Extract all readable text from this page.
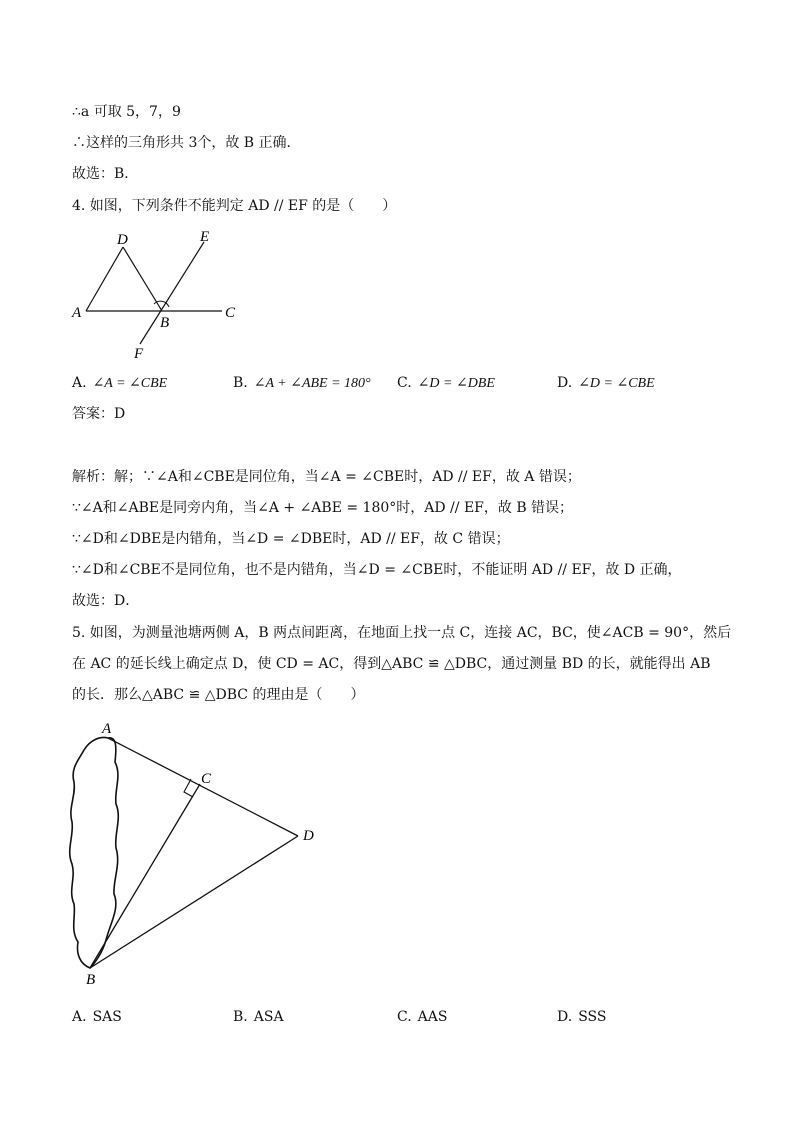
∴a 可取 5，7，9
∴这样的三角形共 3个，故 B 正确．
故选：B．
4. 如图，下列条件不能判定 AD // EF 的是（　　）
D	E
A
B
C
F
A. ∠A = ∠CBE	B. ∠A + ∠ABE = 180° C. ∠D = ∠DBE	D. ∠D = ∠CBE
答案：D
解析：解；∵∠A和∠CBE是同位角，当∠A = ∠CBE时，AD // EF，故 A 错误；
∵∠A和∠ABE是同旁内角，当∠A + ∠ABE = 180°时，AD // EF，故 B 错误；
∵∠D和∠DBE是内错角，当∠D = ∠DBE时，AD // EF，故 C 错误；
∵∠D和∠CBE不是同位角，也不是内错角，当∠D = ∠CBE时，不能证明 AD // EF，故 D 正确，
故选：D．
5. 如图，为测量池塘两侧 A，B 两点间距离，在地面上找一点 C，连接 AC，BC，使∠ACB = 90°，然后
在 AC 的延长线上确定点 D，使 CD = AC，得到△ABC ≌ △DBC，通过测量 BD 的长，就能得出 AB
的长．那么△ABC ≌ △DBC 的理由是（　　）
A
C
D
B
A. SAS	B. ASA	C. AAS	D. SSS
